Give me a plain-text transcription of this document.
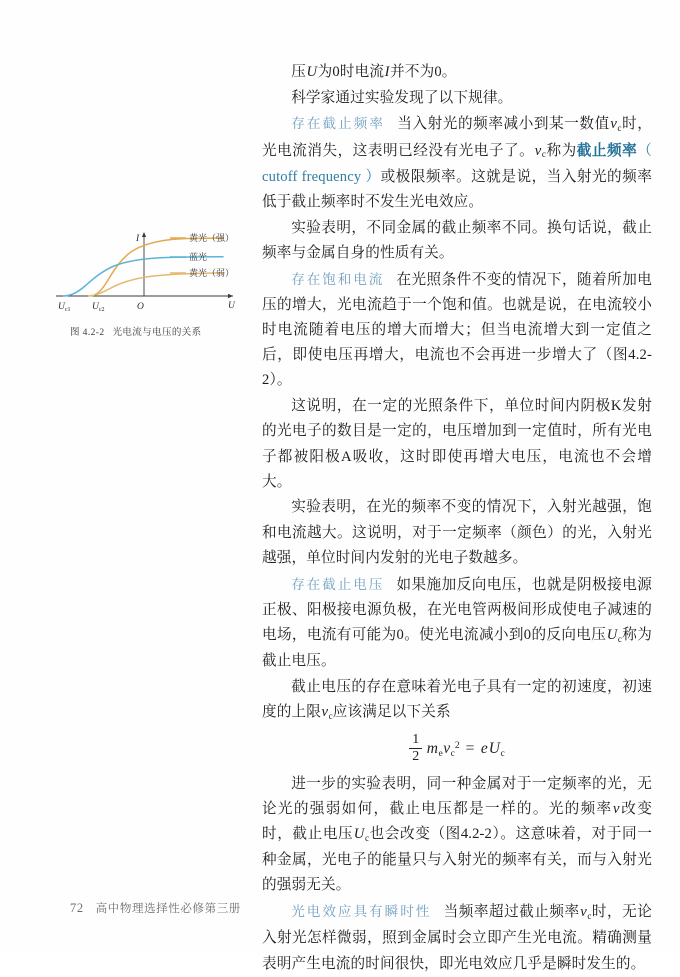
I
U
O
$U_{c1}$ $U_{c2}$
黄光（强）
蓝光
黄光（弱）
图 4.2-2 光电流与电压的关系

压U为0时电流I并不为0。

科学家通过实验发现了以下规律。

存在截止频率 当入射光的频率减小到某一数值$v_c$时，光电流消失，这表明已经没有光电子了。$v_c$称为截止频率（ cutoff frequency ）或极限频率。这就是说，当入射光的频率低于截止频率时不发生光电效应。

实验表明，不同金属的截止频率不同。换句话说，截止频率与金属自身的性质有关。

存在饱和电流 在光照条件不变的情况下，随着所加电压的增大，光电流趋于一个饱和值。也就是说，在电流较小时电流随着电压的增大而增大；但当电流增大到一定值之后，即使电压再增大，电流也不会再进一步增大了（图4.2-2）。

这说明，在一定的光照条件下，单位时间内阴极K发射的光电子的数目是一定的，电压增加到一定值时，所有光电子都被阳极A吸收，这时即使再增大电压，电流也不会增大。

实验表明，在光的频率不变的情况下，入射光越强，饱和电流越大。这说明，对于一定频率（颜色）的光，入射光越强，单位时间内发射的光电子数越多。

存在截止电压 如果施加反向电压，也就是阴极接电源正极、阳极接电源负极，在光电管两极间形成使电子减速的电场，电流有可能为0。使光电流减小到0的反向电压$U_c$称为截止电压。

截止电压的存在意味着光电子具有一定的初速度，初速度的上限$v_c$应该满足以下关系

$\frac{1}{2} m_ev_c^2 = eU_c$

进一步的实验表明，同一种金属对于一定频率的光，无论光的强弱如何，截止电压都是一样的。光的频率v改变时，截止电压$U_c$也会改变（图4.2-2）。这意味着，对于同一种金属，光电子的能量只与入射光的频率有关，而与入射光的强弱无关。

光电效应具有瞬时性 当频率超过截止频率$v_c$时，无论入射光怎样微弱，照到金属时会立即产生光电流。精确测量表明产生电流的时间很快，即光电效应几乎是瞬时发生的。

72 高中物理选择性必修第三册
